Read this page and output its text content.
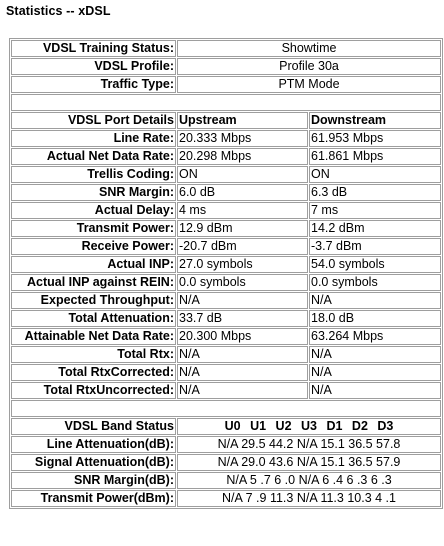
Statistics -- xDSL
VDSL Training Status:	Showtime	
VDSL Profile:	Profile 30a	
Traffic Type:	PTM Mode	

VDSL Port Details	Upstream	Downstream
Line Rate:	20.333 Mbps	61.953 Mbps
Actual Net Data Rate:	20.298 Mbps	61.861 Mbps
Trellis Coding:	ON	ON
SNR Margin:	6.0 dB	6.3 dB
Actual Delay:	4 ms	7 ms
Transmit Power:	12.9 dBm	14.2 dBm
Receive Power:	-20.7 dBm	-3.7 dBm
Actual INP:	27.0 symbols	54.0 symbols
Actual INP against REIN:	0.0 symbols	0.0 symbols
Expected Throughput:	N/A	N/A
Total Attenuation:	33.7 dB	18.0 dB
Attainable Net Data Rate:	20.300 Mbps	63.264 Mbps
Total Rtx:	N/A	N/A
Total RtxCorrected:	N/A	N/A
Total RtxUncorrected:	N/A	N/A

VDSL Band Status	U0 U1 U2 U3 D1 D2 D3	
Line Attenuation(dB):	N/A 29.5 44.2 N/A 15.1 36.5 57.8	
Signal Attenuation(dB):	N/A 29.0 43.6 N/A 15.1 36.5 57.9	
SNR Margin(dB):	N/A 5 .7 6 .0 N/A 6 .4 6 .3 6 .3	
Transmit Power(dBm):	N/A 7 .9 11.3 N/A 11.3 10.3 4 .1	
